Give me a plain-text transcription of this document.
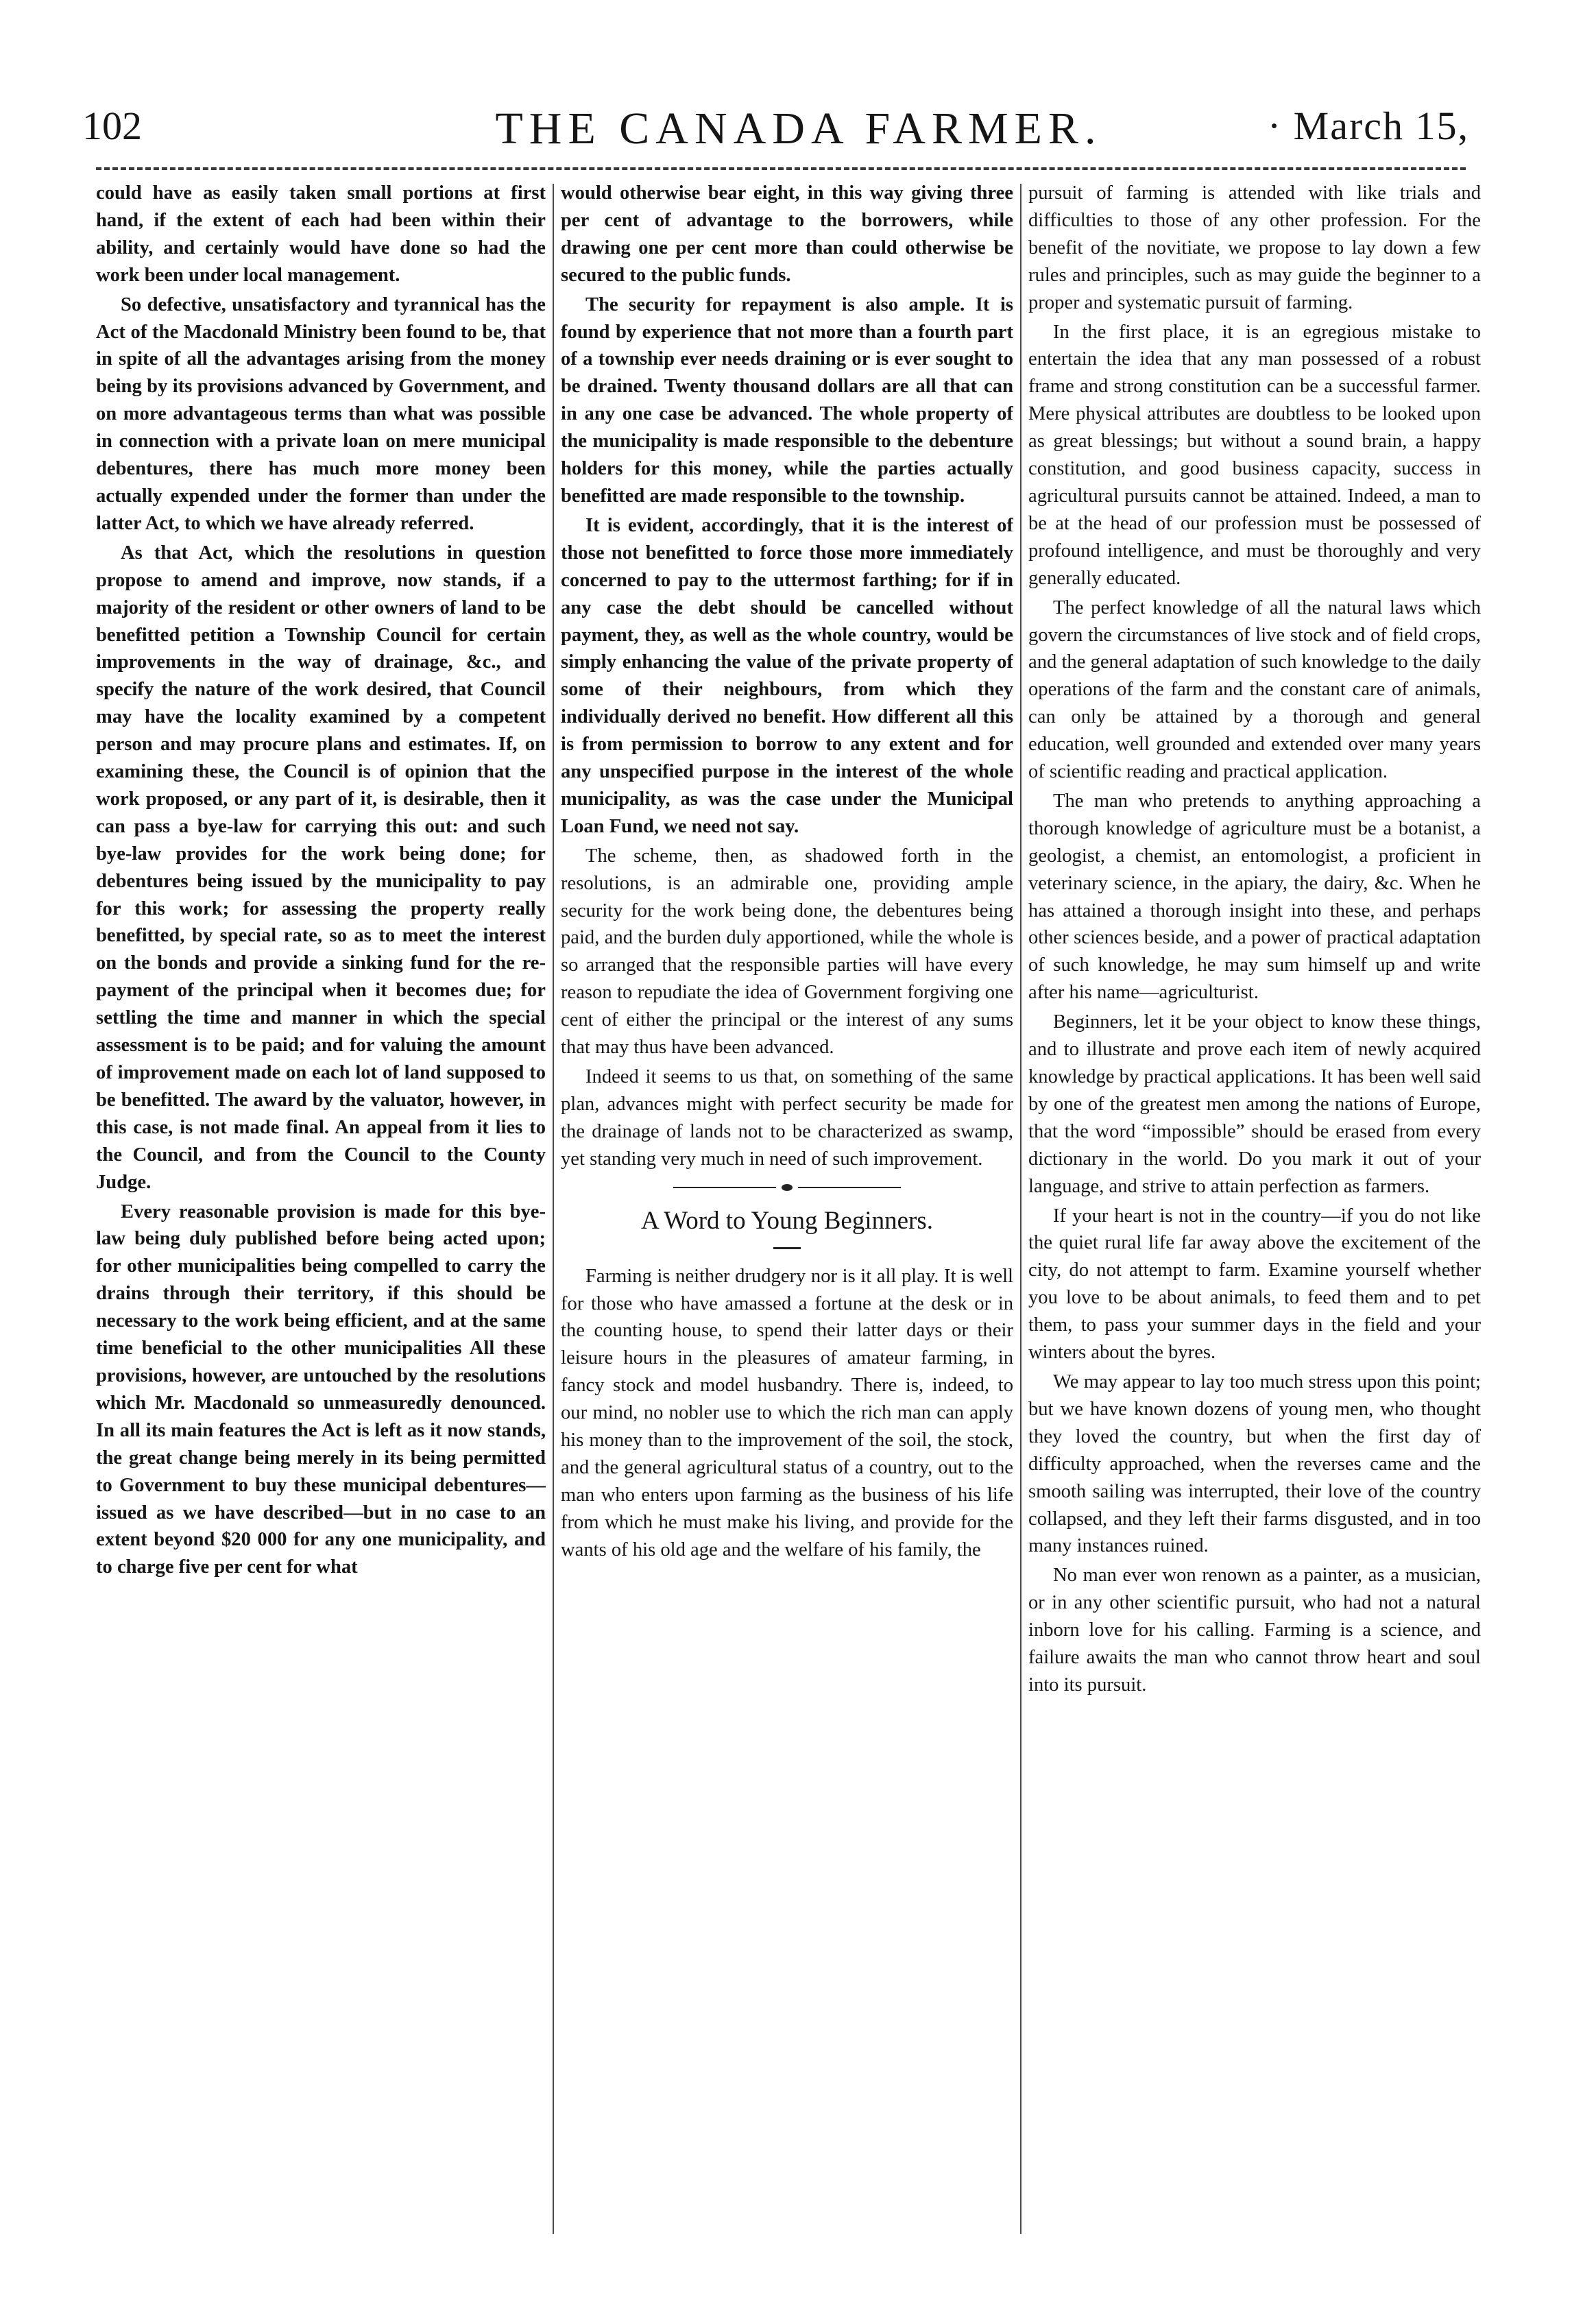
102	THE CANADA FARMER.	· March 15,

could have as easily taken small portions at first hand, if the extent of each had been within their ability, and certainly would have done so had the work been under local management.

So defective, unsatisfactory and tyrannical has the Act of the Macdonald Ministry been found to be, that in spite of all the advantages arising from the money being by its provisions advanced by Government, and on more advantageous terms than what was possible in connection with a private loan on mere municipal debentures, there has much more money been actually expended under the former than under the latter Act, to which we have already referred.

As that Act, which the resolutions in question propose to amend and improve, now stands, if a majority of the resident or other owners of land to be benefitted petition a Township Council for certain improvements in the way of drainage, &c., and specify the nature of the work desired, that Council may have the locality examined by a competent person and may procure plans and estimates. If, on examining these, the Council is of opinion that the work proposed, or any part of it, is desirable, then it can pass a bye-law for carrying this out: and such bye-law provides for the work being done; for debentures being issued by the municipality to pay for this work; for assessing the property really benefitted, by special rate, so as to meet the interest on the bonds and provide a sinking fund for the re-payment of the principal when it becomes due; for settling the time and manner in which the special assessment is to be paid; and for valuing the amount of improvement made on each lot of land supposed to be benefitted. The award by the valuator, however, in this case, is not made final. An appeal from it lies to the Council, and from the Council to the County Judge.

Every reasonable provision is made for this bye-law being duly published before being acted upon; for other municipalities being compelled to carry the drains through their territory, if this should be necessary to the work being efficient, and at the same time beneficial to the other municipalities All these provisions, however, are untouched by the resolutions which Mr. Macdonald so unmeasuredly denounced. In all its main features the Act is left as it now stands, the great change being merely in its being permitted to Government to buy these municipal debentures—issued as we have described—but in no case to an extent beyond $20 000 for any one municipality, and to charge five per cent for what

would otherwise bear eight, in this way giving three per cent of advantage to the borrowers, while drawing one per cent more than could otherwise be secured to the public funds.

The security for repayment is also ample. It is found by experience that not more than a fourth part of a township ever needs draining or is ever sought to be drained. Twenty thousand dollars are all that can in any one case be advanced. The whole property of the municipality is made responsible to the debenture holders for this money, while the parties actually benefitted are made responsible to the township.

It is evident, accordingly, that it is the interest of those not benefitted to force those more immediately concerned to pay to the uttermost farthing; for if in any case the debt should be cancelled without payment, they, as well as the whole country, would be simply enhancing the value of the private property of some of their neighbours, from which they individually derived no benefit. How different all this is from permission to borrow to any extent and for any unspecified purpose in the interest of the whole municipality, as was the case under the Municipal Loan Fund, we need not say.

The scheme, then, as shadowed forth in the resolutions, is an admirable one, providing ample security for the work being done, the debentures being paid, and the burden duly apportioned, while the whole is so arranged that the responsible parties will have every reason to repudiate the idea of Government forgiving one cent of either the principal or the interest of any sums that may thus have been advanced.

Indeed it seems to us that, on something of the same plan, advances might with perfect security be made for the drainage of lands not to be characterized as swamp, yet standing very much in need of such improvement.

A Word to Young Beginners.

Farming is neither drudgery nor is it all play. It is well for those who have amassed a fortune at the desk or in the counting house, to spend their latter days or their leisure hours in the pleasures of amateur farming, in fancy stock and model husbandry. There is, indeed, to our mind, no nobler use to which the rich man can apply his money than to the improvement of the soil, the stock, and the general agricultural status of a country, out to the man who enters upon farming as the business of his life from which he must make his living, and provide for the wants of his old age and the welfare of his family, the

pursuit of farming is attended with like trials and difficulties to those of any other profession. For the benefit of the novitiate, we propose to lay down a few rules and principles, such as may guide the beginner to a proper and systematic pursuit of farming.

In the first place, it is an egregious mistake to entertain the idea that any man possessed of a robust frame and strong constitution can be a successful farmer. Mere physical attributes are doubtless to be looked upon as great blessings; but without a sound brain, a happy constitution, and good business capacity, success in agricultural pursuits cannot be attained. Indeed, a man to be at the head of our profession must be possessed of profound intelligence, and must be thoroughly and very generally educated.

The perfect knowledge of all the natural laws which govern the circumstances of live stock and of field crops, and the general adaptation of such knowledge to the daily operations of the farm and the constant care of animals, can only be attained by a thorough and general education, well grounded and extended over many years of scientific reading and practical application.

The man who pretends to anything approaching a thorough knowledge of agriculture must be a botanist, a geologist, a chemist, an entomologist, a proficient in veterinary science, in the apiary, the dairy, &c. When he has attained a thorough insight into these, and perhaps other sciences beside, and a power of practical adaptation of such knowledge, he may sum himself up and write after his name—agriculturist.

Beginners, let it be your object to know these things, and to illustrate and prove each item of newly acquired knowledge by practical applications. It has been well said by one of the greatest men among the nations of Europe, that the word “impossible” should be erased from every dictionary in the world. Do you mark it out of your language, and strive to attain perfection as farmers.

If your heart is not in the country—if you do not like the quiet rural life far away above the excitement of the city, do not attempt to farm. Examine yourself whether you love to be about animals, to feed them and to pet them, to pass your summer days in the field and your winters about the byres.

We may appear to lay too much stress upon this point; but we have known dozens of young men, who thought they loved the country, but when the first day of difficulty approached, when the reverses came and the smooth sailing was interrupted, their love of the country collapsed, and they left their farms disgusted, and in too many instances ruined.

No man ever won renown as a painter, as a musician, or in any other scientific pursuit, who had not a natural inborn love for his calling. Farming is a science, and failure awaits the man who cannot throw heart and soul into its pursuit.
